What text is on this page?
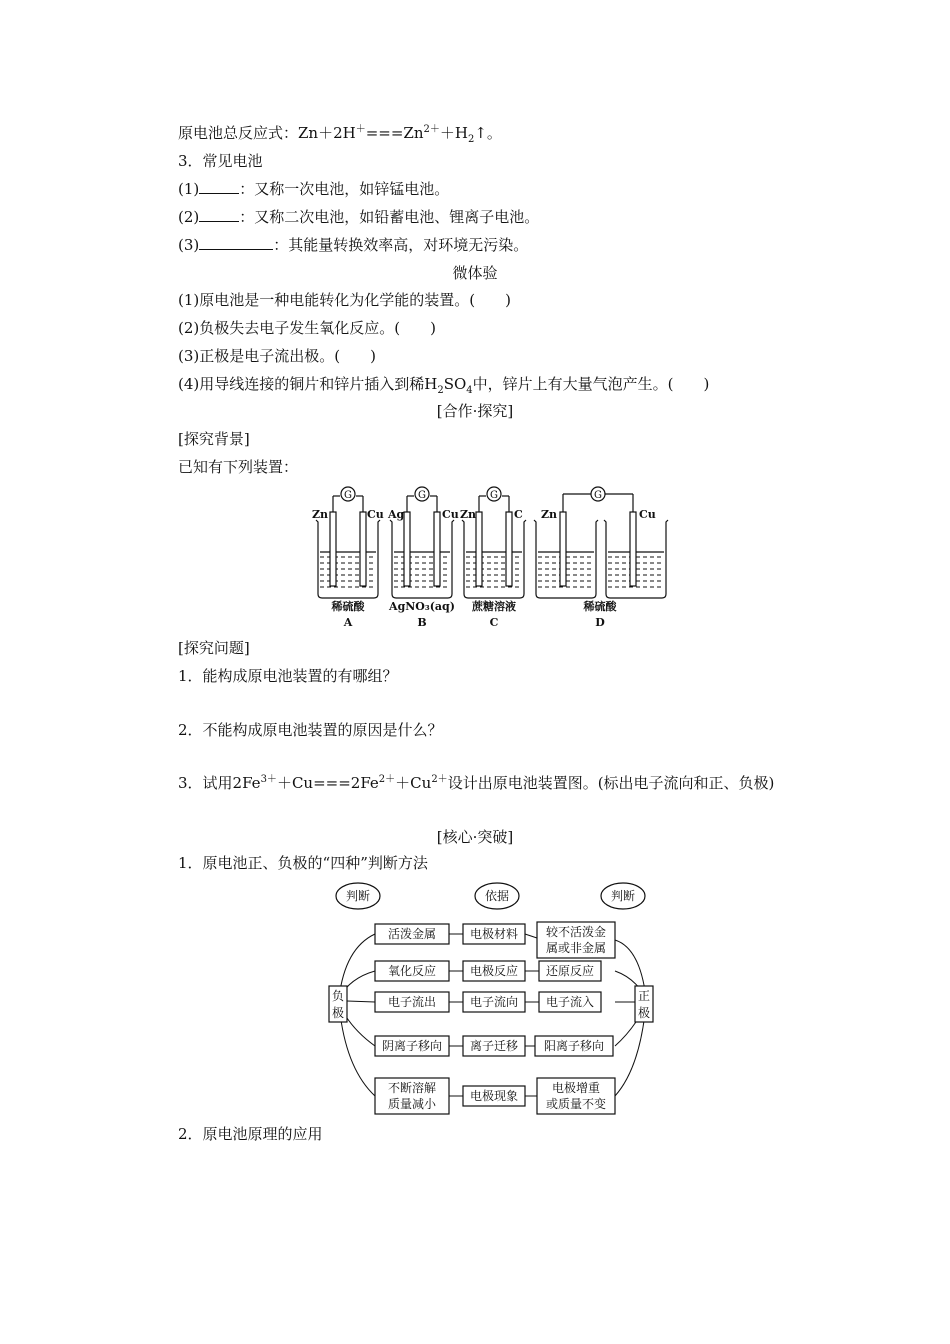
原电池总反应式：$Zn+2H^+===Zn^{2+}+H_2↑$。
3．常见电池
(1)	：又称一次电池，如锌锰电池。
(2)	：又称二次电池，如铅蓄电池、锂离子电池。
(3)	：其能量转换效率高，对环境无污染。
微体验
(1)原电池是一种电能转化为化学能的装置。(　　)
(2)负极失去电子发生氧化反应。(　　)
(3)正极是电子流出极。(　　)
(4)用导线连接的铜片和锌片插入到稀$H_2SO_4$中，锌片上有大量气泡产生。(　　)
[合作·探究]
[探究背景]
已知有下列装置：
G	G	G	G
Zn	Cu Ag	Cu Zn	C Zn	Cu
稀硫酸 AgNO₃(aq) 蔗糖溶液	稀硫酸
A	B	C	D
[探究问题]
1．能构成原电池装置的有哪组？
2．不能构成原电池装置的原因是什么？
3．试用$2Fe^{3+}+Cu===2Fe^{2+}+Cu^{2+}$设计出原电池装置图。(标出电子流向和正、负极)
[核心·突破]
1．原电池正、负极的“四种”判断方法
判断	依据	判断
负
极
正
极
活泼金属	电极材料 较不活泼金
属或非金属
氧化反应	电极反应 还原反应
电子流出	电子流向 电子流入
阴离子移向 离子迁移 阳离子移向
不断溶解
质量减小
电极现象
电极增重
或质量不变
2．原电池原理的应用
